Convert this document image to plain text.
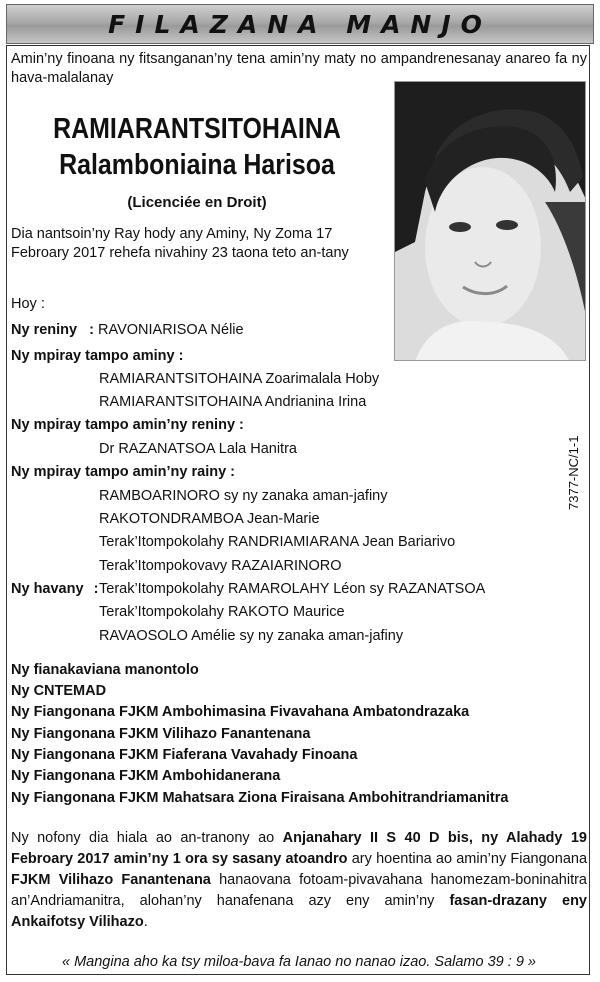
FILAZANA MANJO
Amin’ny finoana ny fitsanganan’ny tena amin’ny maty no ampandrenesanay anareo fa ny hava-malalanay
RAMIARANTSITOHAINA
Ralamboniaina Harisoa
(Licenciée en Droit)
Dia nantsoin’ny Ray hody any Aminy, Ny Zoma 17 Febroary 2017 rehefa nivahiny 23 taona teto an-tany
Hoy :
Ny reniny : RAVONIARISOA Nélie
Ny mpiray tampo aminy :
RAMIARANTSITOHAINA Zoarimalala Hoby
RAMIARANTSITOHAINA Andrianina Irina
Ny mpiray tampo amin’ny reniny :
Dr RAZANATSOA Lala Hanitra
Ny mpiray tampo amin’ny rainy :
RAMBOARINORO sy ny zanaka aman-jafiny
RAKOTONDRAMBOA Jean-Marie
Terak’Itompokolahy RANDRIAMIARANA Jean Bariarivo
Terak’Itompokovavy RAZAIARINORO
Ny havany : Terak’Itompokolahy RAMAROLAHY Léon sy RAZANATSOA
Terak’Itompokolahy RAKOTO Maurice
RAVAOSOLO Amélie sy ny zanaka aman-jafiny
Ny fianakaviana manontolo
Ny CNTEMAD
Ny Fiangonana FJKM Ambohimasina Fivavahana Ambatondrazaka
Ny Fiangonana FJKM Vilihazo Fanantenana
Ny Fiangonana FJKM Fiaferana Vavahady Finoana
Ny Fiangonana FJKM Ambohidanerana
Ny Fiangonana FJKM Mahatsara Ziona Firaisana Ambohitrandriamanitra
Ny nofony dia hiala ao an-tranony ao Anjanahary II S 40 D bis, ny Alahady 19 Febroary 2017 amin’ny 1 ora sy sasany atoandro ary hoentina ao amin’ny Fiangonana FJKM Vilihazo Fanantenana hanaovana fotoam-pivavahana hanomezam-boninahitra an’Andriamanitra, alohan’ny hanafenana azy eny amin’ny fasan-drazany eny Ankaifotsy Vilihazo.
« Mangina aho ka tsy miloa-bava fa Ianao no nanao izao. Salamo 39 : 9 »
7377-NC/1-1
